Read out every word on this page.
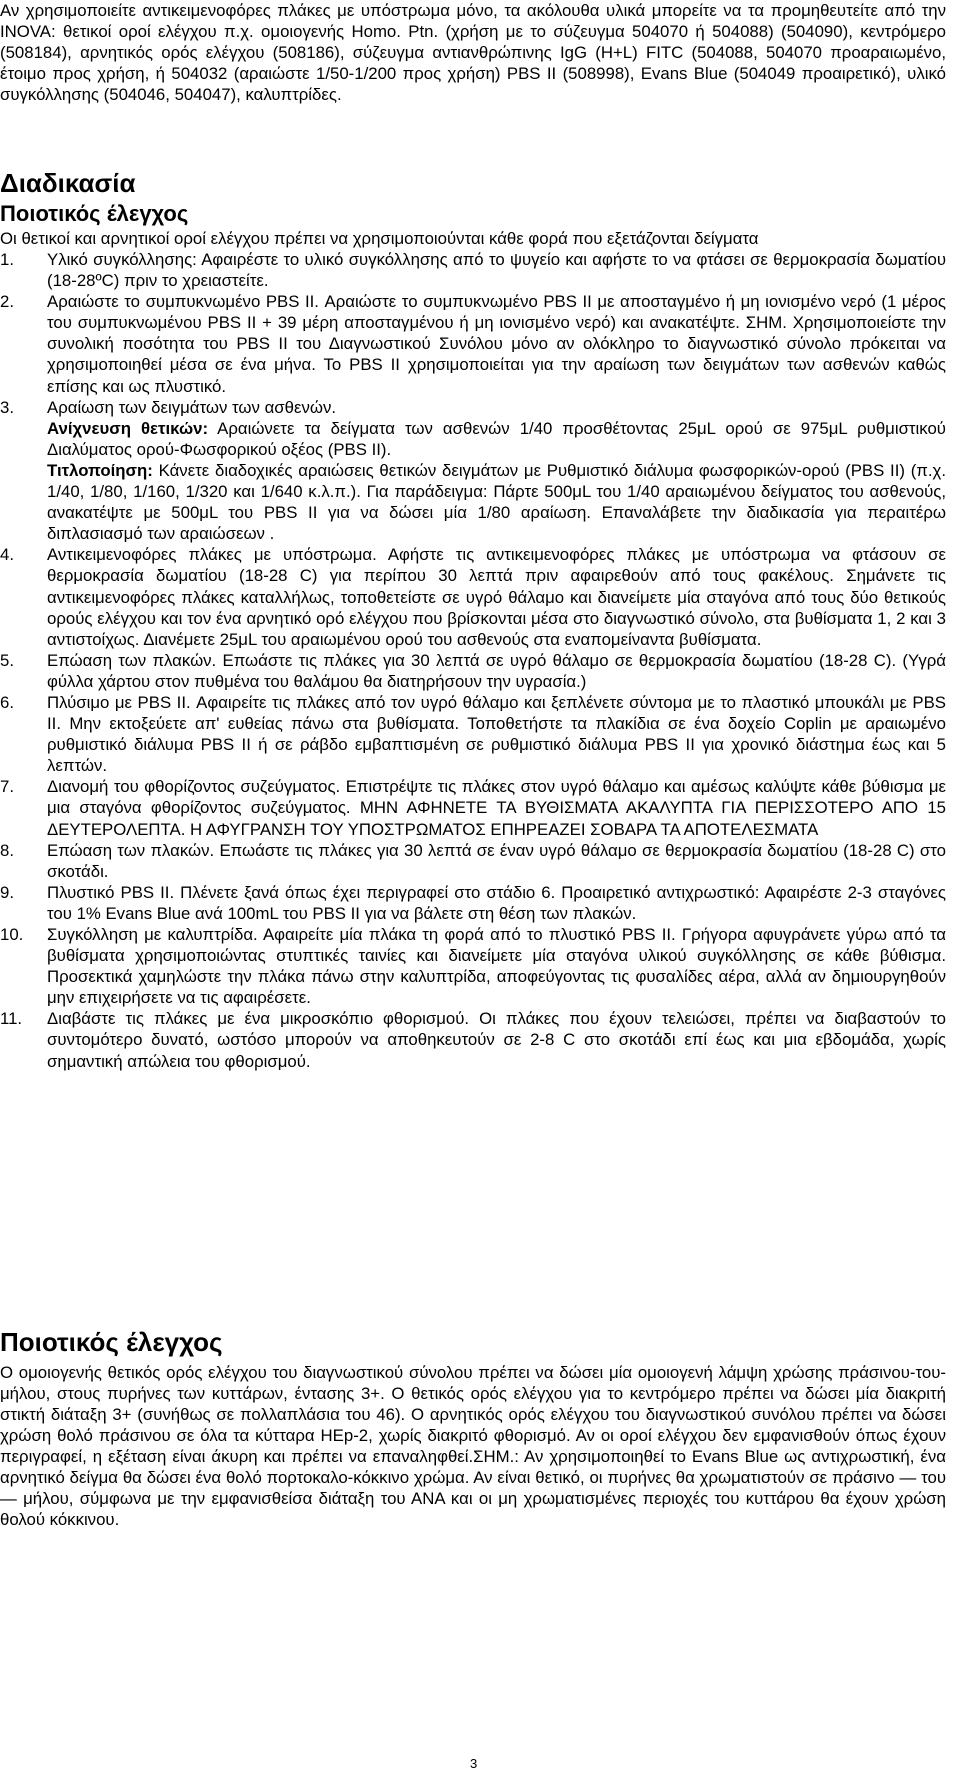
Αν χρησιμοποιείτε αντικειμενοφόρες πλάκες με υπόστρωμα μόνο, τα ακόλουθα υλικά μπορείτε να τα προμηθευτείτε από την INOVA: θετικοί οροί ελέγχου π.χ. ομοιογενής Homo. Ptn. (χρήση με το σύζευγμα 504070 ή 504088) (504090), κεντρόμερο (508184), αρνητικός ορός ελέγχου (508186), σύζευγμα αντιανθρώπινης IgG (H+L) FITC (504088, 504070 προαραιωμένο, έτοιμο προς χρήση, ή 504032 (αραιώστε 1/50-1/200 προς χρήση) PBS II (508998), Evans Blue (504049 προαιρετικό), υλικό συγκόλλησης (504046, 504047), καλυπτρίδες.

Διαδικασία
Ποιοτικός έλεγχος

Οι θετικοί και αρνητικοί οροί ελέγχου πρέπει να χρησιμοποιούνται κάθε φορά που εξετάζονται δείγματα

1. Υλικό συγκόλλησης: Αφαιρέστε το υλικό συγκόλλησης από το ψυγείο και αφήστε το να φτάσει σε θερμοκρασία δωματίου (18-28ºC) πριν το χρειαστείτε.

2. Αραιώστε το συμπυκνωμένο PBS II. Αραιώστε το συμπυκνωμένο PBS II με αποσταγμένο ή μη ιονισμένο νερό (1 μέρος του συμπυκνωμένου PBS II + 39 μέρη αποσταγμένου ή μη ιονισμένο νερό) και ανακατέψτε. ΣΗΜ. Χρησιμοποιείστε την συνολική ποσότητα του PBS II του Διαγνωστικού Συνόλου μόνο αν ολόκληρο το διαγνωστικό σύνολο πρόκειται να χρησιμοποιηθεί μέσα σε ένα μήνα. Το PBS II χρησιμοποιείται για την αραίωση των δειγμάτων των ασθενών καθώς επίσης και ως πλυστικό.

3. Αραίωση των δειγμάτων των ασθενών.

Ανίχνευση θετικών: Αραιώνετε τα δείγματα των ασθενών 1/40 προσθέτοντας 25μL ορού σε 975μL ρυθμιστικού Διαλύματος ορού-Φωσφορικού οξέος (PBS II).

Τιτλοποίηση: Κάνετε διαδοχικές αραιώσεις θετικών δειγμάτων με Ρυθμιστικό διάλυμα φωσφορικών-ορού (PBS II) (π.χ. 1/40, 1/80, 1/160, 1/320 και 1/640 κ.λ.π.). Για παράδειγμα: Πάρτε 500μL του 1/40 αραιωμένου δείγματος του ασθενούς, ανακατέψτε με 500μL του PBS II για να δώσει μία 1/80 αραίωση. Επαναλάβετε την διαδικασία για περαιτέρω διπλασιασμό των αραιώσεων .

4. Αντικειμενοφόρες πλάκες με υπόστρωμα. Αφήστε τις αντικειμενοφόρες πλάκες με υπόστρωμα να φτάσουν σε θερμοκρασία δωματίου (18-28 C) για περίπου 30 λεπτά πριν αφαιρεθούν από τους φακέλους. Σημάνετε τις αντικειμενοφόρες πλάκες καταλλήλως, τοποθετείστε σε υγρό θάλαμο και διανείμετε μία σταγόνα από τους δύο θετικούς ορούς ελέγχου και τον ένα αρνητικό ορό ελέγχου που βρίσκονται μέσα στο διαγνωστικό σύνολο, στα βυθίσματα 1, 2 και 3 αντιστοίχως. Διανέμετε 25μL του αραιωμένου ορού του ασθενούς στα εναπομείναντα βυθίσματα.

5. Επώαση των πλακών. Επωάστε τις πλάκες για 30 λεπτά σε υγρό θάλαμο σε θερμοκρασία δωματίου (18-28 C). (Υγρά φύλλα χάρτου στον πυθμένα του θαλάμου θα διατηρήσουν την υγρασία.)

6. Πλύσιμο με PBS II. Αφαιρείτε τις πλάκες από τον υγρό θάλαμο και ξεπλένετε σύντομα με το πλαστικό μπουκάλι με PBS II. Μην εκτοξεύετε απ' ευθείας πάνω στα βυθίσματα. Τοποθετήστε τα πλακίδια σε ένα δοχείο Coplin με αραιωμένο ρυθμιστικό διάλυμα PBS II ή σε ράβδο εμβαπτισμένη σε ρυθμιστικό διάλυμα PBS II για χρονικό διάστημα έως και 5 λεπτών.

7. Διανομή του φθορίζοντος συζεύγματος. Επιστρέψτε τις πλάκες στον υγρό θάλαμο και αμέσως καλύψτε κάθε βύθισμα με μια σταγόνα φθορίζοντος συζεύγματος. ΜΗΝ ΑΦΗΝΕΤΕ ΤΑ ΒΥΘΙΣΜΑΤΑ ΑΚΑΛΥΠΤΑ ΓΙΑ ΠΕΡΙΣΣΟΤΕΡΟ ΑΠΟ 15 ΔΕΥΤΕΡΟΛΕΠΤΑ. Η ΑΦΥΓΡΑΝΣΗ ΤΟΥ ΥΠΟΣΤΡΩΜΑΤΟΣ ΕΠΗΡΕΑΖΕΙ ΣΟΒΑΡΑ ΤΑ ΑΠΟΤΕΛΕΣΜΑΤΑ

8. Επώαση των πλακών. Επωάστε τις πλάκες για 30 λεπτά σε έναν υγρό θάλαμο σε θερμοκρασία δωματίου (18-28 C) στο σκοτάδι.

9. Πλυστικό PBS II. Πλένετε ξανά όπως έχει περιγραφεί στο στάδιο 6. Προαιρετικό αντιχρωστικό: Αφαιρέστε 2-3 σταγόνες του 1% Evans Blue ανά 100mL του PBS II για να βάλετε στη θέση των πλακών.

10. Συγκόλληση με καλυπτρίδα. Αφαιρείτε μία πλάκα τη φορά από το πλυστικό PBS II. Γρήγορα αφυγράνετε γύρω από τα βυθίσματα χρησιμοποιώντας στυπτικές ταινίες και διανείμετε μία σταγόνα υλικού συγκόλλησης σε κάθε βύθισμα. Προσεκτικά χαμηλώστε την πλάκα πάνω στην καλυπτρίδα, αποφεύγοντας τις φυσαλίδες αέρα, αλλά αν δημιουργηθούν μην επιχειρήσετε να τις αφαιρέσετε.

11. Διαβάστε τις πλάκες με ένα μικροσκόπιο φθορισμού. Οι πλάκες που έχουν τελειώσει, πρέπει να διαβαστούν το συντομότερο δυνατό, ωστόσο μπορούν να αποθηκευτούν σε 2-8 C στο σκοτάδι επί έως και μια εβδομάδα, χωρίς σημαντική απώλεια του φθορισμού.

Ποιοτικός έλεγχος

Ο ομοιογενής θετικός ορός ελέγχου του διαγνωστικού σύνολου πρέπει να δώσει μία ομοιογενή λάμψη χρώσης πράσινου-του-μήλου, στους πυρήνες των κυττάρων, έντασης 3+. Ο θετικός ορός ελέγχου για το κεντρόμερο πρέπει να δώσει μία διακριτή στικτή διάταξη 3+ (συνήθως σε πολλαπλάσια του 46). Ο αρνητικός ορός ελέγχου του διαγνωστικού συνόλου πρέπει να δώσει χρώση θολό πράσινου σε όλα τα κύτταρα ΗΕp-2, χωρίς διακριτό φθορισμό. Αν οι οροί ελέγχου δεν εμφανισθούν όπως έχουν περιγραφεί, η εξέταση είναι άκυρη και πρέπει να επαναληφθεί.ΣΗΜ.: Αν χρησιμοποιηθεί το Evans Blue ως αντιχρωστική, ένα αρνητικό δείγμα θα δώσει ένα θολό πορτοκαλο-κόκκινο χρώμα. Αν είναι θετικό, οι πυρήνες θα χρωματιστούν σε πράσινο — του — μήλου, σύμφωνα με την εμφανισθείσα διάταξη του ΑΝΑ και οι μη χρωματισμένες περιοχές του κυττάρου θα έχουν χρώση θολού κόκκινου.

3
